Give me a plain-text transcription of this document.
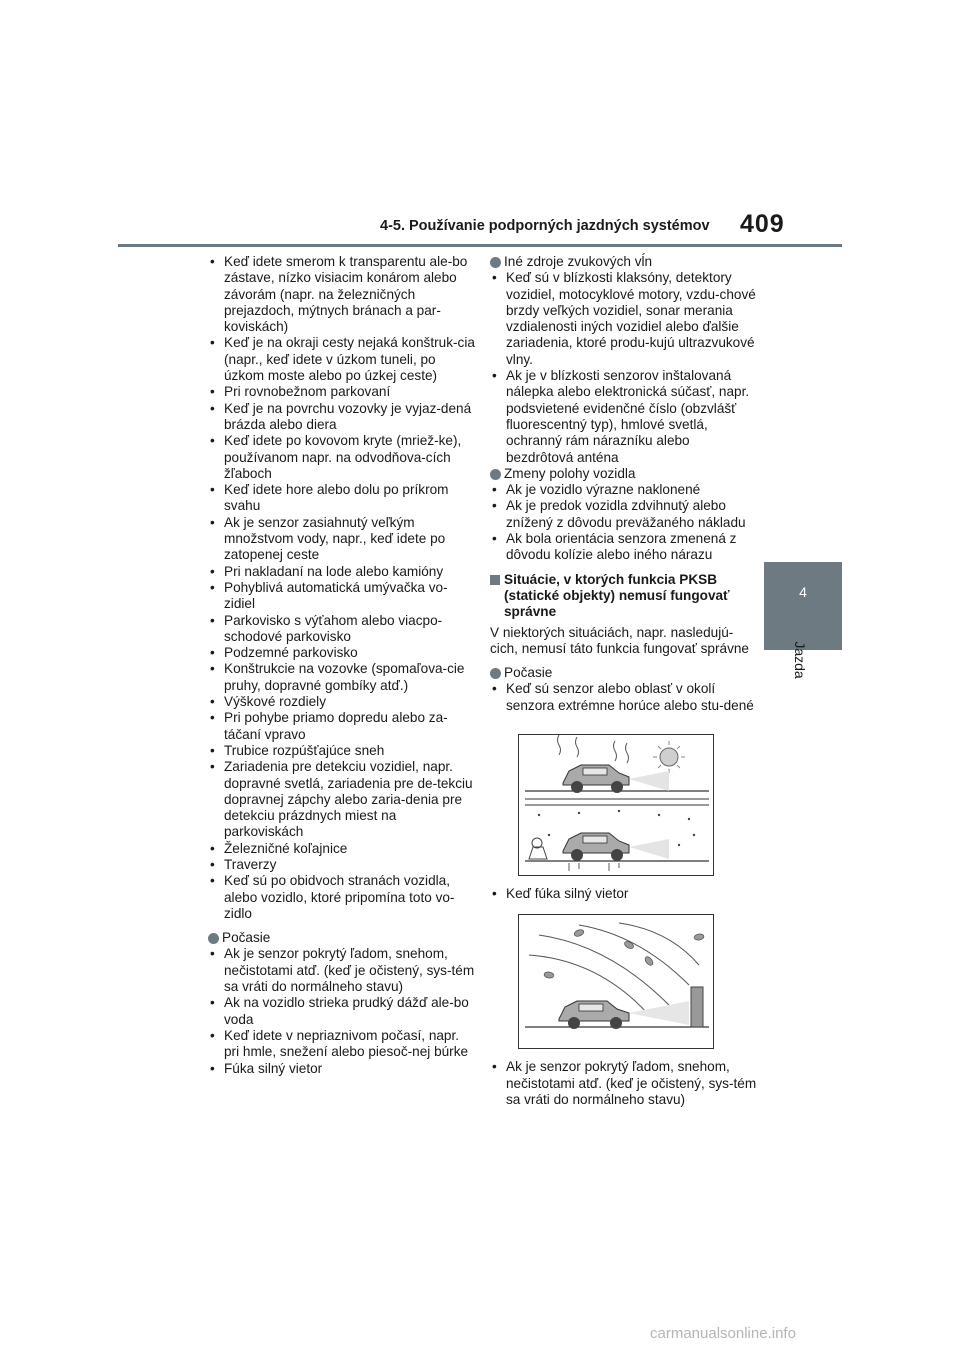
4-5. Používanie podporných jazdných systémov 409
4
Jazda
• Keď idete smerom k transparentu ale-bo zástave, nízko visiacim konárom alebo závorám (napr. na železničných prejazdoch, mýtnych bránach a par-koviskách)
• Keď je na okraji cesty nejaká konštruk-cia (napr., keď idete v úzkom tuneli, po úzkom moste alebo po úzkej ceste)
• Pri rovnobežnom parkovaní
• Keď je na povrchu vozovky je vyjaz-dená brázda alebo diera
• Keď idete po kovovom kryte (mriež-ke), používanom napr. na odvodňova-cích žľaboch
• Keď idete hore alebo dolu po príkrom svahu
• Ak je senzor zasiahnutý veľkým množstvom vody, napr., keď idete po zatopenej ceste
• Pri nakladaní na lode alebo kamióny
• Pohyblivá automatická umývačka vo-zidiel
• Parkovisko s výťahom alebo viacpo-schodové parkovisko
• Podzemné parkovisko
• Konštrukcie na vozovke (spomaľova-cie pruhy, dopravné gombíky atď.)
• Výškové rozdiely
• Pri pohybe priamo dopredu alebo za-táčaní vpravo
• Trubice rozpúšťajúce sneh
• Zariadenia pre detekciu vozidiel, napr. dopravné svetlá, zariadenia pre de-tekciu dopravnej zápchy alebo zaria-denia pre detekciu prázdnych miest na parkoviskách
• Železničné koľajnice
• Traverzy
• Keď sú po obidvoch stranách vozidla, alebo vozidlo, ktoré pripomína toto vo-zidlo
Počasie
• Ak je senzor pokrytý ľadom, snehom, nečistotami atď. (keď je očistený, sys-tém sa vráti do normálneho stavu)
• Ak na vozidlo strieka prudký dážď ale-bo voda
• Keď idete v nepriaznivom počasí, napr. pri hmle, snežení alebo piesoč-nej búrke
• Fúka silný vietor
Iné zdroje zvukových vĺn
• Keď sú v blízkosti klaksóny, detektory vozidiel, motocyklové motory, vzdu-chové brzdy veľkých vozidiel, sonar merania vzdialenosti iných vozidiel alebo ďalšie zariadenia, ktoré produ-kujú ultrazvukové vlny.
• Ak je v blízkosti senzorov inštalovaná nálepka alebo elektronická súčasť, napr. podsvietené evidenčné číslo (obzvlášť fluorescentný typ), hmlové svetlá, ochranný rám nárazníku alebo bezdrôtová anténa
Zmeny polohy vozidla
• Ak je vozidlo výrazne naklonené
• Ak je predok vozidla zdvihnutý alebo znížený z dôvodu preväžaného nákladu
• Ak bola orientácia senzora zmenená z dôvodu kolízie alebo iného nárazu
Situácie, v ktorých funkcia PKSB (statické objekty) nemusí fungovať správne
V niektorých situáciách, napr. nasledujú-cich, nemusí táto funkcia fungovať správne
Počasie
• Keď sú senzor alebo oblasť v okolí senzora extrémne horúce alebo stu-dené
• Keď fúka silný vietor
• Ak je senzor pokrytý ľadom, snehom, nečistotami atď. (keď je očistený, sys-tém sa vráti do normálneho stavu)
carmanualsonline.info
